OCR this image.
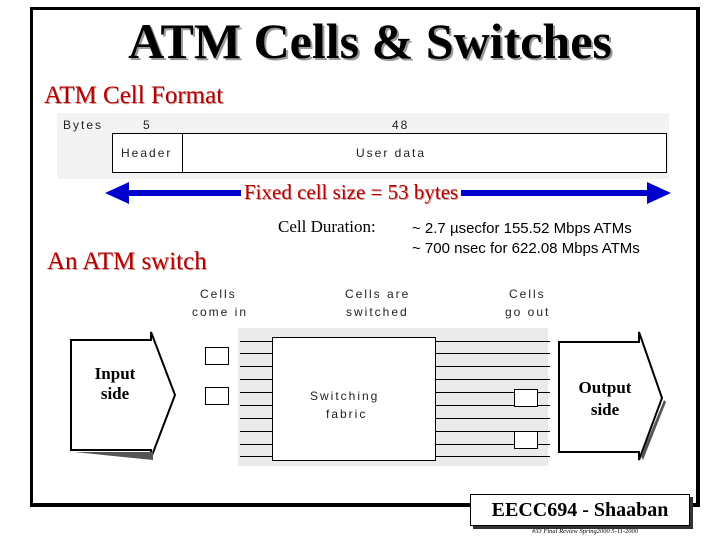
ATM Cells & Switches
ATM Cell Format
Bytes	5	48
Header	User data
Fixed cell size = 53 bytes
Cell Duration: ~ 2.7 µsecfor 155.52 Mbps ATMs
~ 700 nsec for 622.08 Mbps ATMs
An ATM switch
Cells
come in
Cells are
switched
Cells
go out
Switching
fabric
Input
side	Output
side
EECC694 - Shaaban
#33 Final Review Spring2000 5-11-2000
